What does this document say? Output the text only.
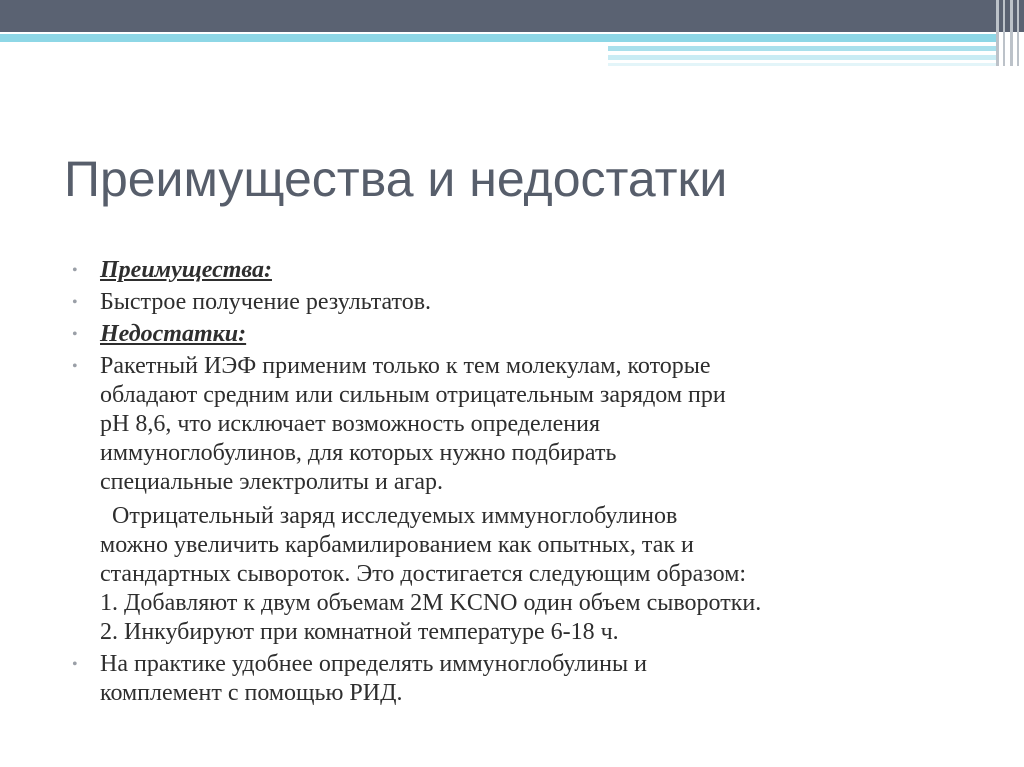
Преимущества и недостатки
• Преимущества:
• Быстрое получение результатов.
• Недостатки:
• Ракетный ИЭФ применим только к тем молекулам, которые
обладают средним или сильным отрицательным зарядом при
рН 8,6, что исключает возможность определения
иммуноглобулинов, для которых нужно подбирать
специальные электролиты и агар.
Отрицательный заряд исследуемых иммуноглобулинов
можно увеличить карбамилированием как опытных, так и
стандартных сывороток. Это достигается следующим образом:
1. Добавляют к двум объемам 2М KCNO один объем сыворотки.
2. Инкубируют при комнатной температуре 6-18 ч.
• На практике удобнее определять иммуноглобулины и
комплемент с помощью РИД.
